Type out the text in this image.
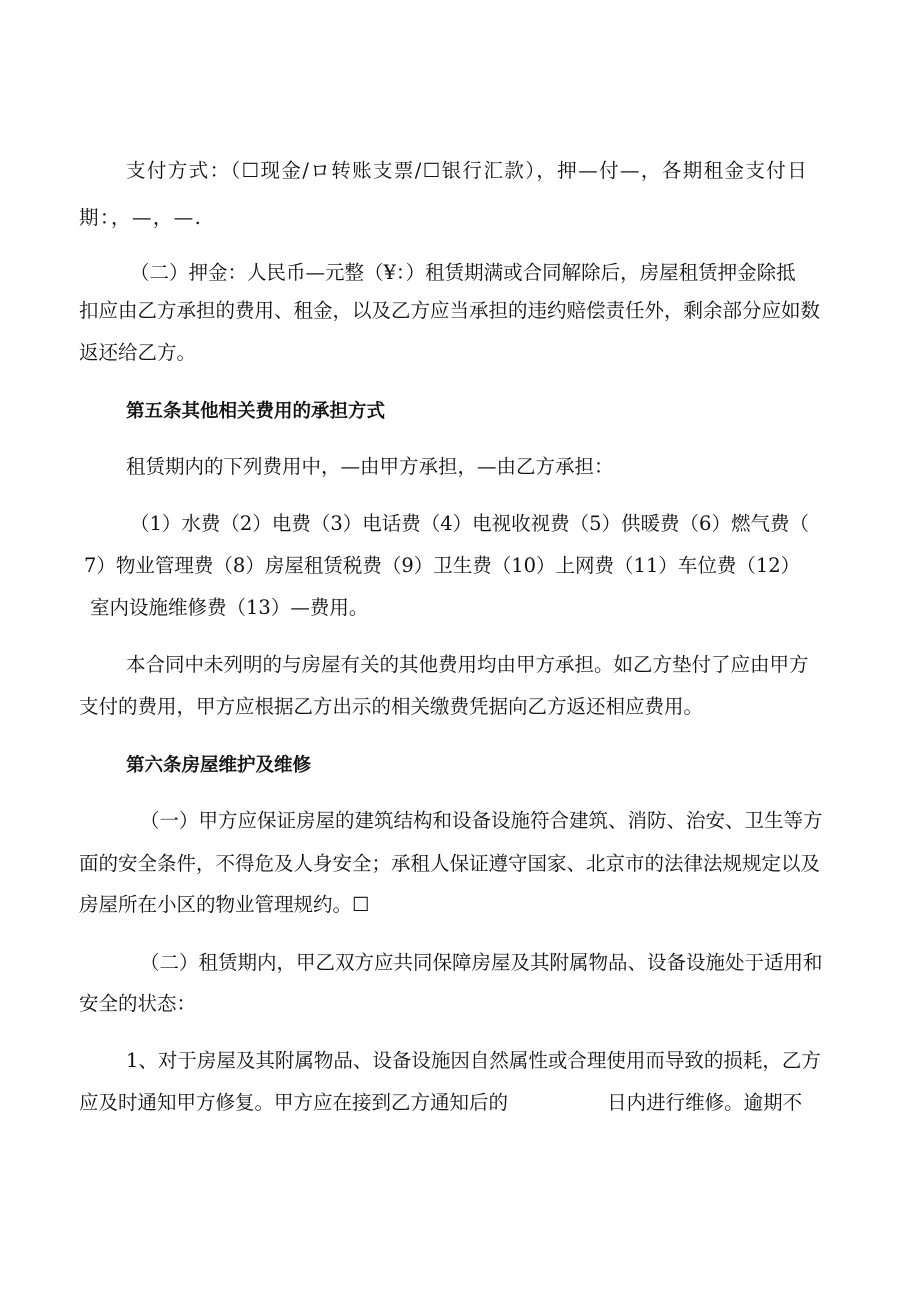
支付方式：（☐现金/ロ转账支票/☐银行汇款），押—付—，各期租金支付日
期：，—，—.
（二）押金：人民币—元整（¥：）租赁期满或合同解除后，房屋租赁押金除抵
扣应由乙方承担的费用、租金，以及乙方应当承担的违约赔偿责任外，剩余部分应如数
返还给乙方。
第五条其他相关费用的承担方式
租赁期内的下列费用中，—由甲方承担，—由乙方承担：
（1）水费（2）电费（3）电话费（4）电视收视费（5）供暖费（6）燃气费（
7）物业管理费（8）房屋租赁税费（9）卫生费（10）上网费（11）车位费（12）
室内设施维修费（13）—费用。
本合同中未列明的与房屋有关的其他费用均由甲方承担。如乙方垫付了应由甲方
支付的费用，甲方应根据乙方出示的相关缴费凭据向乙方返还相应费用。
第六条房屋维护及维修
（一）甲方应保证房屋的建筑结构和设备设施符合建筑、消防、治安、卫生等方
面的安全条件，不得危及人身安全；承租人保证遵守国家、北京市的法律法规规定以及
房屋所在小区的物业管理规约。☐
（二）租赁期内，甲乙双方应共同保障房屋及其附属物品、设备设施处于适用和
安全的状态：
1、对于房屋及其附属物品、设备设施因自然属性或合理使用而导致的损耗，乙方
应及时通知甲方修复。甲方应在接到乙方通知后的                日内进行维修。逾期不
